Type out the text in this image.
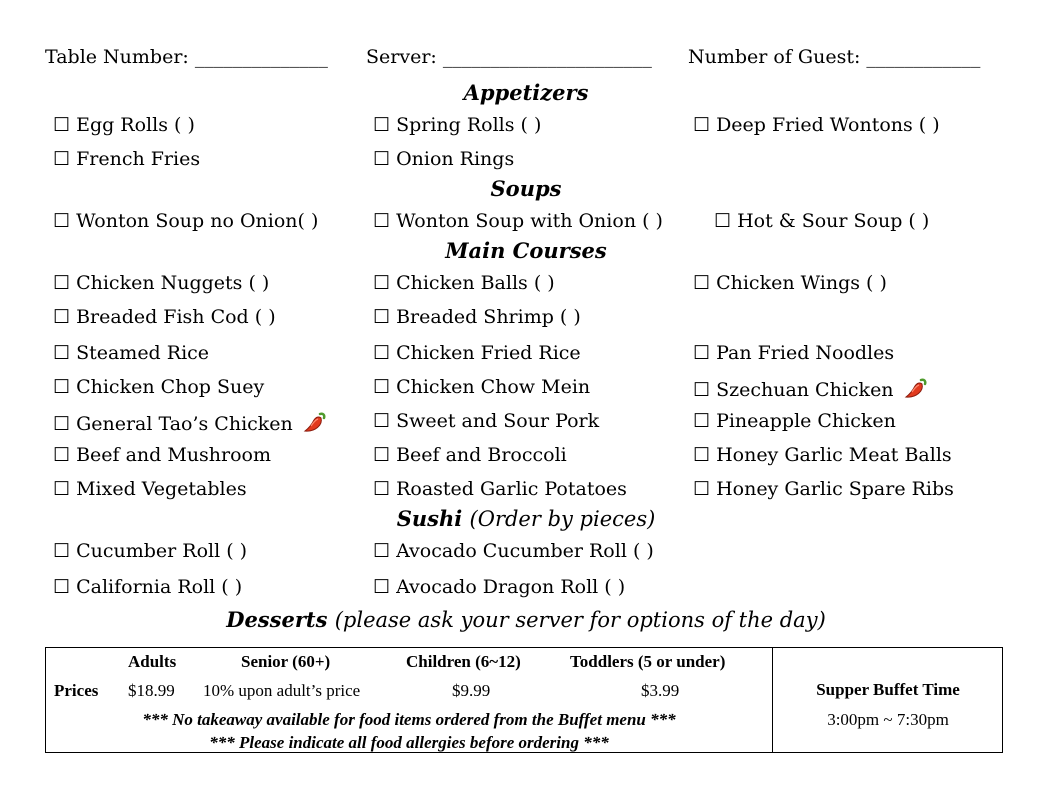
Table Number: ______________ Server: ______________________ Number of Guest: ____________
Appetizers
☐ Egg Rolls ( )	☐ Spring Rolls ( )	☐ Deep Fried Wontons ( )
☐ French Fries	☐ Onion Rings
Soups
☐ Wonton Soup no Onion( )	☐ Wonton Soup with Onion ( )	☐ Hot & Sour Soup ( )
Main Courses
☐ Chicken Nuggets ( )	☐ Chicken Balls ( )	☐ Chicken Wings ( )
☐ Breaded Fish Cod ( )	☐ Breaded Shrimp ( )
☐ Steamed Rice	☐ Chicken Fried Rice	☐ Pan Fried Noodles
☐ Chicken Chop Suey	☐ Chicken Chow Mein	☐ Szechuan Chicken
☐ General Tao’s Chicken	☐ Sweet and Sour Pork	☐ Pineapple Chicken
☐ Beef and Mushroom	☐ Beef and Broccoli	☐ Honey Garlic Meat Balls
☐ Mixed Vegetables	☐ Roasted Garlic Potatoes	☐ Honey Garlic Spare Ribs
Sushi (Order by pieces)
☐ Cucumber Roll ( )	☐ Avocado Cucumber Roll ( )
☐ California Roll ( )	☐ Avocado Dragon Roll ( )
Desserts (please ask your server for options of the day)
Adults	Senior (60+)	Children (6~12)	Toddlers (5 or under)
Prices $18.99 10% upon adult’s price	$9.99	$3.99
*** No takeaway available for food items ordered from the Buffet menu ***
*** Please indicate all food allergies before ordering ***
Supper Buffet Time
3:00pm ~ 7:30pm
